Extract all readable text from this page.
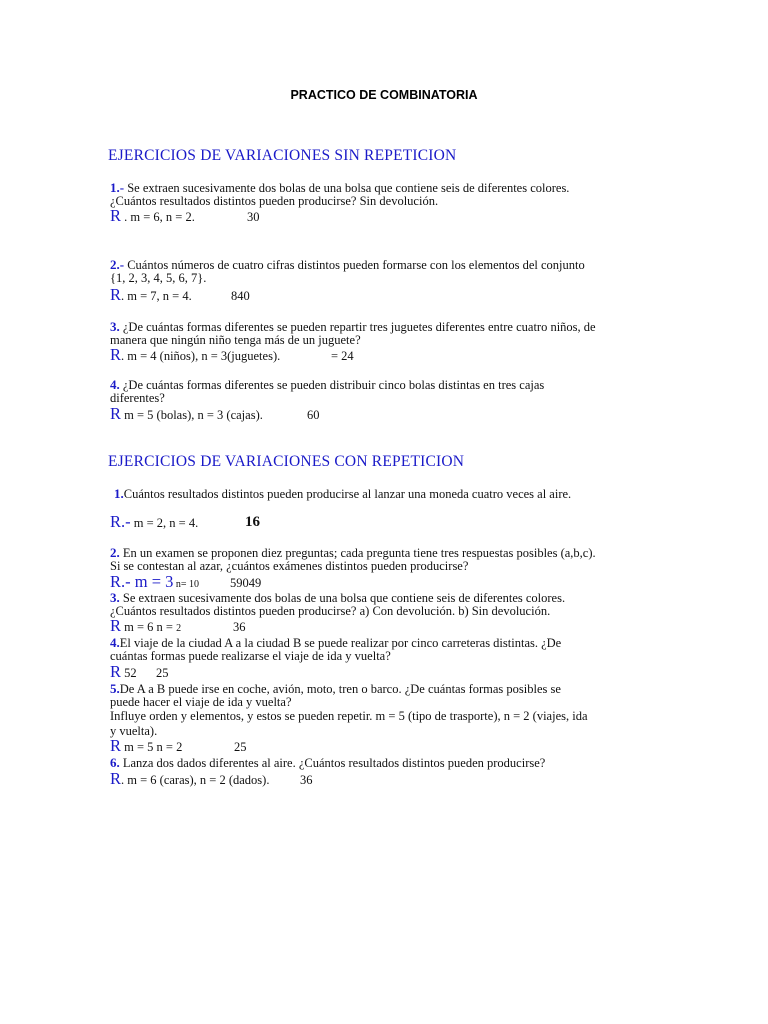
PRACTICO DE COMBINATORIA
EJERCICIOS DE VARIACIONES SIN REPETICION
1.- Se extraen sucesivamente dos bolas de una bolsa que contiene seis de diferentes colores.
¿Cuántos resultados distintos pueden producirse? Sin devolución.
R . m = 6, n = 2.	30
2.- Cuántos números de cuatro cifras distintos pueden formarse con los elementos del conjunto
{1, 2, 3, 4, 5, 6, 7}.
R. m = 7, n = 4.	840
3. ¿De cuántas formas diferentes se pueden repartir tres juguetes diferentes entre cuatro niños, de
manera que ningún niño tenga más de un juguete?
R. m = 4 (niños), n = 3(juguetes).	= 24
4. ¿De cuántas formas diferentes se pueden distribuir cinco bolas distintas en tres cajas
diferentes?
R m = 5 (bolas), n = 3 (cajas).	60
EJERCICIOS DE VARIACIONES CON REPETICION
1.Cuántos resultados distintos pueden producirse al lanzar una moneda cuatro veces al aire.
R.- m = 2, n = 4.	16
2. En un examen se proponen diez preguntas; cada pregunta tiene tres respuestas posibles (a,b,c).
Si se contestan al azar, ¿cuántos exámenes distintos pueden producirse?
R.- m = 3 n= 10 59049
3. Se extraen sucesivamente dos bolas de una bolsa que contiene seis de diferentes colores.
¿Cuántos resultados distintos pueden producirse? a) Con devolución. b) Sin devolución.
R m = 6 n = 2	36
4.El viaje de la ciudad A a la ciudad B se puede realizar por cinco carreteras distintas. ¿De
cuántas formas puede realizarse el viaje de ida y vuelta?
R 52 25
5.De A a B puede irse en coche, avión, moto, tren o barco. ¿De cuántas formas posibles se
puede hacer el viaje de ida y vuelta?
Influye orden y elementos, y estos se pueden repetir. m = 5 (tipo de trasporte), n = 2 (viajes, ida
y vuelta).
R m = 5 n = 2	25
6. Lanza dos dados diferentes al aire. ¿Cuántos resultados distintos pueden producirse?
R. m = 6 (caras), n = 2 (dados). 36
